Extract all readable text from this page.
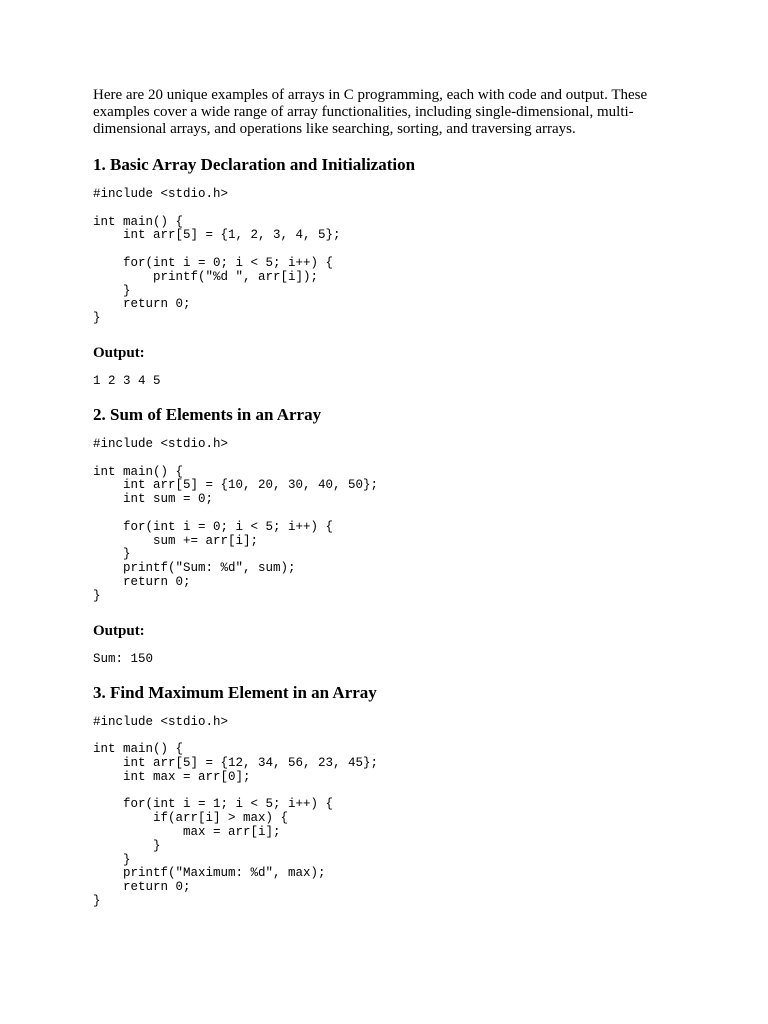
Here are 20 unique examples of arrays in C programming, each with code and output. These examples cover a wide range of array functionalities, including single-dimensional, multi-dimensional arrays, and operations like searching, sorting, and traversing arrays.

1. Basic Array Declaration and Initialization
#include <stdio.h>

int main() {
int arr[5] = {1, 2, 3, 4, 5};

for(int i = 0; i < 5; i++) {
printf("%d ", arr[i]);
}
return 0;
}
Output:
1 2 3 4 5
2. Sum of Elements in an Array
#include <stdio.h>

int main() {
int arr[5] = {10, 20, 30, 40, 50};
int sum = 0;

for(int i = 0; i < 5; i++) {
sum += arr[i];
}
printf("Sum: %d", sum);
return 0;
}
Output:
Sum: 150
3. Find Maximum Element in an Array
#include <stdio.h>

int main() {
int arr[5] = {12, 34, 56, 23, 45};
int max = arr[0];

for(int i = 1; i < 5; i++) {
if(arr[i] > max) {
max = arr[i];
}
}
printf("Maximum: %d", max);
return 0;
}
